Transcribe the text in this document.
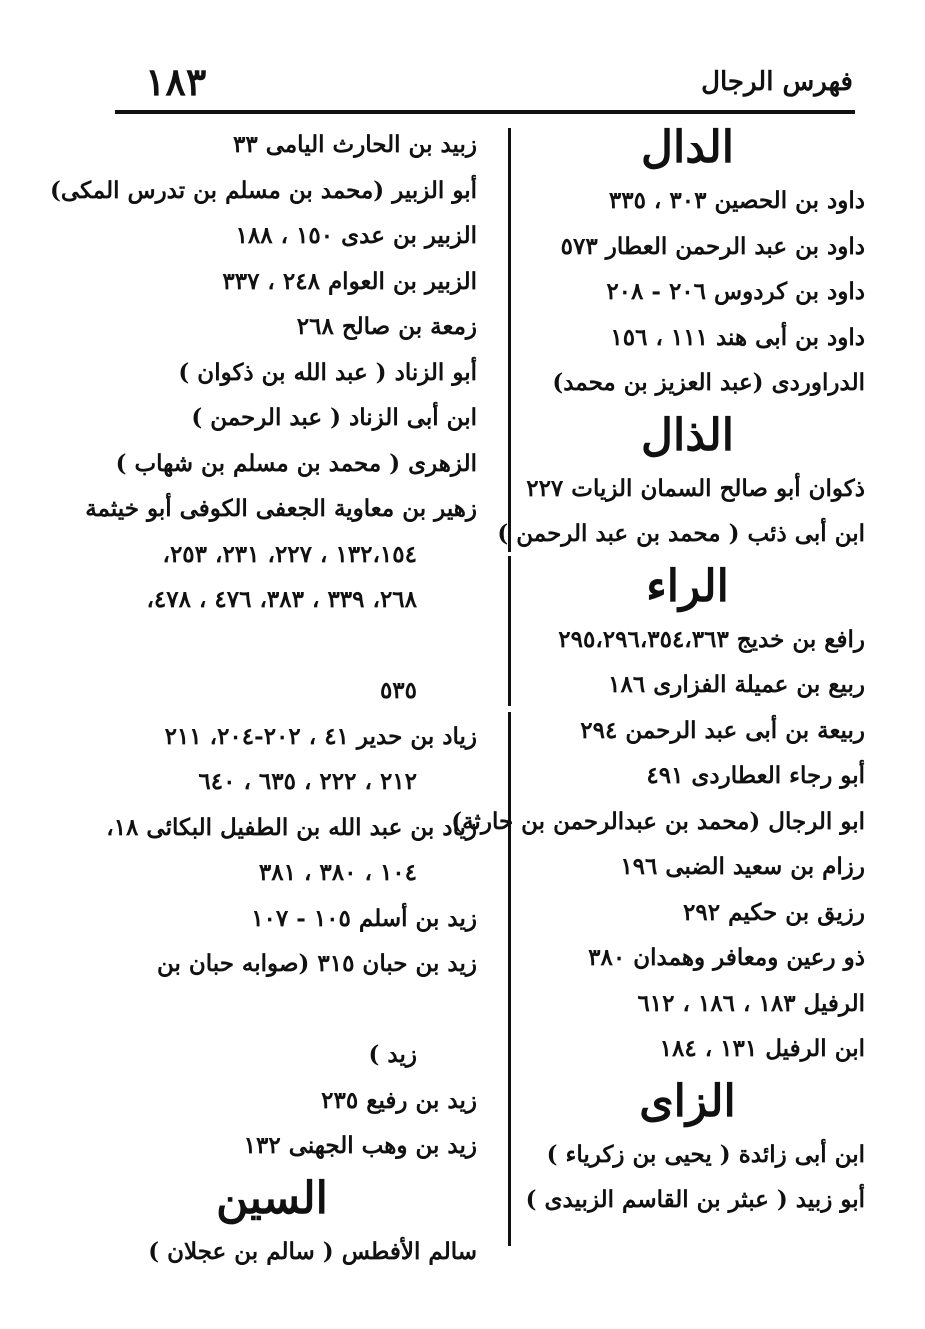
١٨٣	فهرس الرجال
الدال
داود بن الحصين ٣٠٣ ، ٣٣٥
داود بن عبد الرحمن العطار ٥٧٣
داود بن كردوس ٢٠٦ - ٢٠٨
داود بن أبى هند ١١١ ، ١٥٦
الدراوردى (عبد العزيز بن محمد)
الذال
ذكوان أبو صالح السمان الزيات ٢٢٧
ابن أبى ذئب ( محمد بن عبد الرحمن )
الراء
رافع بن خديج ٢٩٥،٢٩٦،٣٥٤،٣٦٣
ربيع بن عميلة الفزارى ١٨٦
ربيعة بن أبى عبد الرحمن ٢٩٤
أبو رجاء العطاردى ٤٩١
ابو الرجال (محمد بن عبدالرحمن بن حارثة)
رزام بن سعيد الضبى ١٩٦
رزيق بن حكيم ٢٩٢
ذو رعين ومعافر وهمدان ٣٨٠
الرفيل ١٨٣ ، ١٨٦ ، ٦١٢
ابن الرفيل ١٣١ ، ١٨٤
الزاى
ابن أبى زائدة ( يحيى بن زكرياء )
أبو زبيد ( عبثر بن القاسم الزبيدى )
زبيد بن الحارث اليامى ٣٣
أبو الزبير (محمد بن مسلم بن تدرس المكى)
الزبير بن عدى ١٥٠ ، ١٨٨
الزبير بن العوام ٢٤٨ ، ٣٣٧
زمعة بن صالح ٢٦٨
أبو الزناد ( عبد الله بن ذكوان )
ابن أبى الزناد ( عبد الرحمن )
الزهرى ( محمد بن مسلم بن شهاب )
زهير بن معاوية الجعفى الكوفى أبو خيثمة
١٣٢،١٥٤ ، ٢٢٧، ٢٣١، ٢٥٣،
٢٦٨، ٣٣٩ ، ٣٨٣، ٤٧٦ ، ٤٧٨،
٥٣٥
زياد بن حدير ٤١ ، ٢٠٢-٢٠٤، ٢١١
٢١٢ ، ٢٢٢ ، ٦٣٥ ، ٦٤٠
زياد بن عبد الله بن الطفيل البكائى ١٨،
١٠٤ ، ٣٨٠ ، ٣٨١
زيد بن أسلم ١٠٥ - ١٠٧
زيد بن حبان ٣١٥ (صوابه حبان بن
زيد )
زيد بن رفيع ٢٣٥
زيد بن وهب الجهنى ١٣٢
السين
سالم الأفطس ( سالم بن عجلان )
